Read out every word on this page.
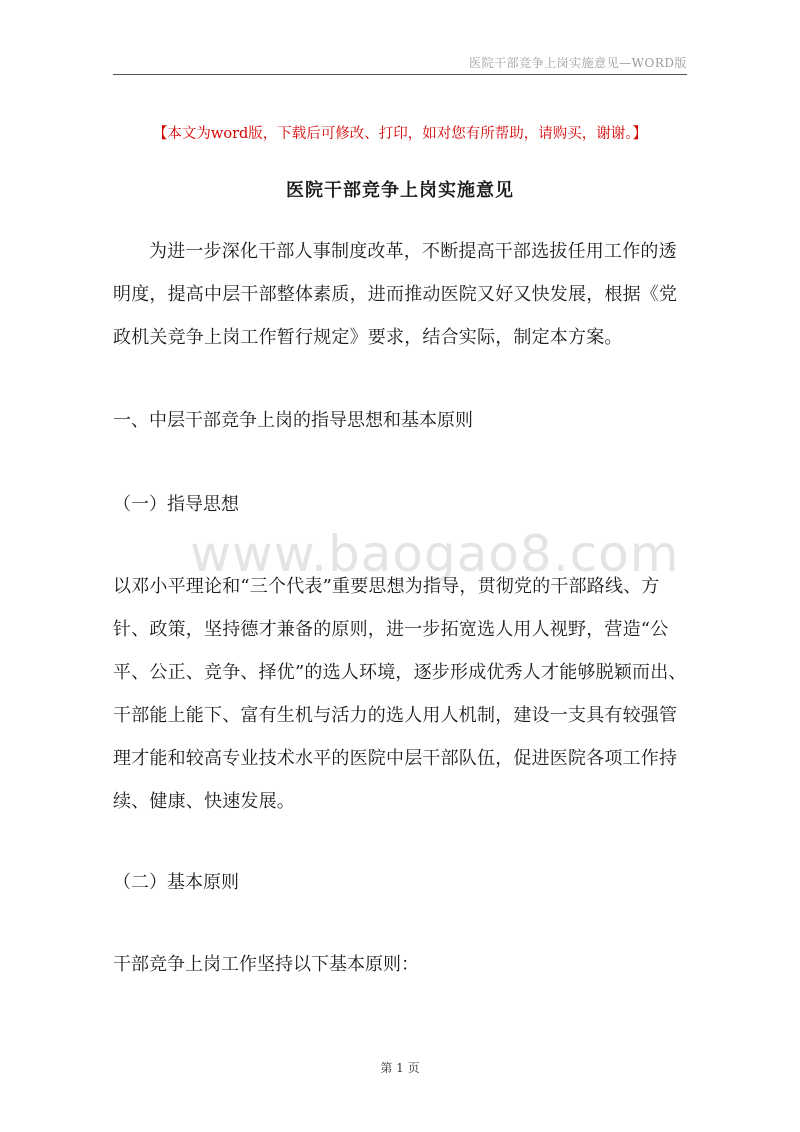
医院干部竞争上岗实施意见—WORD版
【本文为word版，下载后可修改、打印，如对您有所帮助，请购买，谢谢。】
医院干部竞争上岗实施意见

为进一步深化干部人事制度改革，不断提高干部选拔任用工作的透明度，提高中层干部整体素质，进而推动医院又好又快发展，根据《党政机关竞争上岗工作暂行规定》要求，结合实际，制定本方案。

一、中层干部竞争上岗的指导思想和基本原则
（一）指导思想
www.baogao8.com

以邓小平理论和“三个代表”重要思想为指导，贯彻党的干部路线、方针、政策，坚持德才兼备的原则，进一步拓宽选人用人视野，营造“公平、公正、竞争、择优”的选人环境，逐步形成优秀人才能够脱颖而出、干部能上能下、富有生机与活力的选人用人机制，建设一支具有较强管理才能和较高专业技术水平的医院中层干部队伍，促进医院各项工作持续、健康、快速发展。

（二）基本原则
干部竞争上岗工作坚持以下基本原则：
第 1 页
